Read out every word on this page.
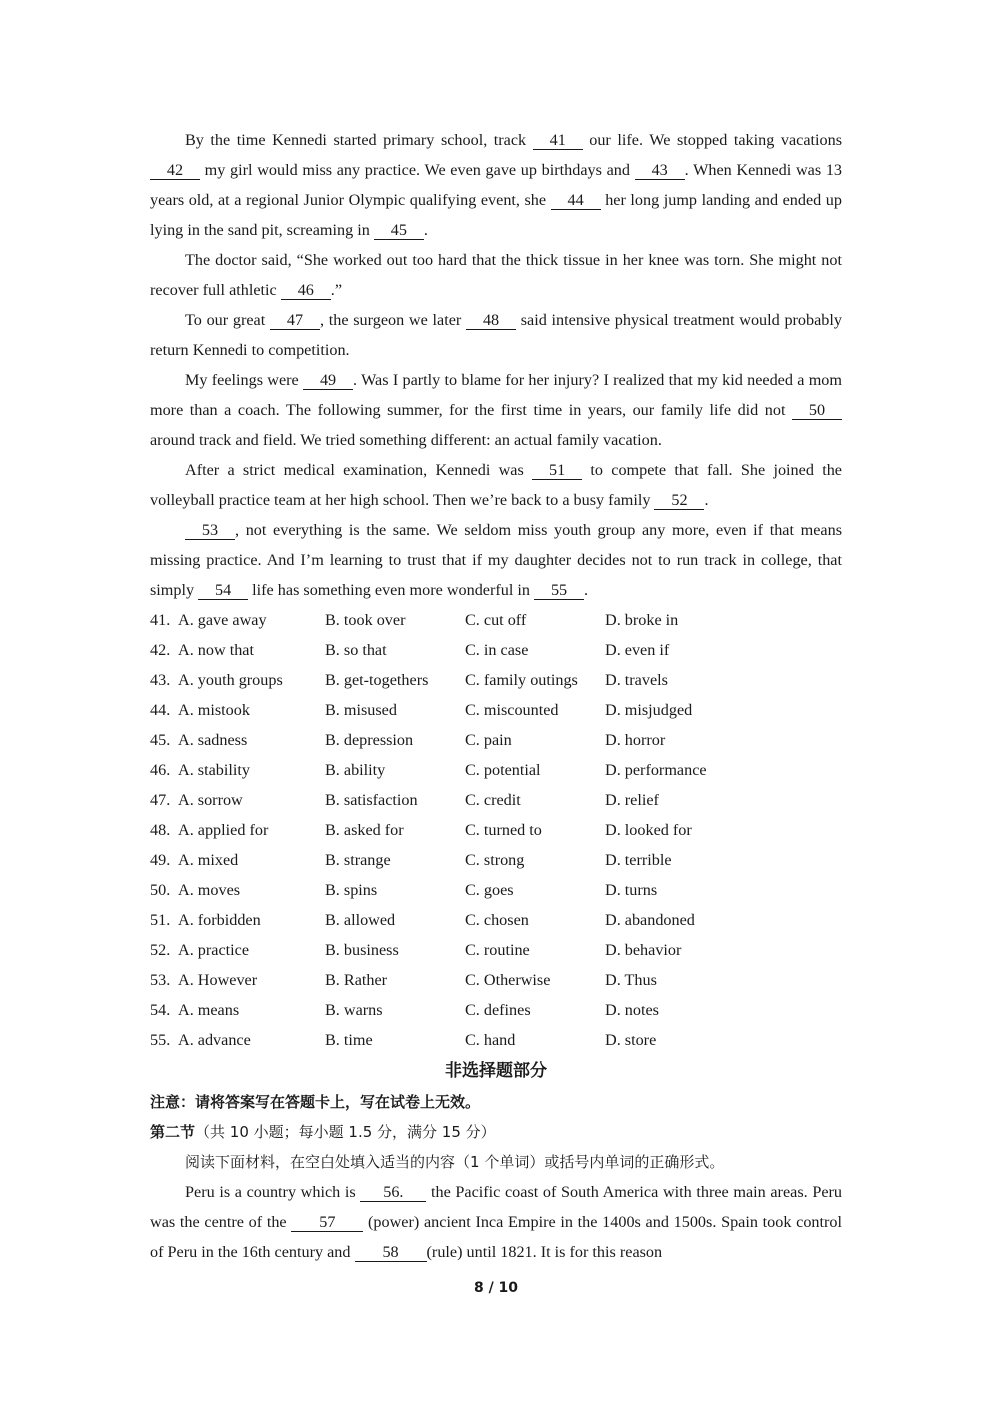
By the time Kennedi started primary school, track 41 our life. We stopped taking vacations 42 my girl would miss any practice. We even gave up birthdays and 43 . When Kennedi was 13 years old, at a regional Junior Olympic qualifying event, she 44 her long jump landing and ended up lying in the sand pit, screaming in 45 .

The doctor said, “She worked out too hard that the thick tissue in her knee was torn. She might not recover full athletic 46 .”

To our great 47 , the surgeon we later 48 said intensive physical treatment would probably return Kennedi to competition.

My feelings were 49 . Was I partly to blame for her injury? I realized that my kid needed a mom more than a coach. The following summer, for the first time in years, our family life did not 50 around track and field. We tried something different: an actual family vacation.

After a strict medical examination, Kennedi was 51 to compete that fall. She joined the volleyball practice team at her high school. Then we’re back to a busy family 52 .

53 , not everything is the same. We seldom miss youth group any more, even if that means missing practice. And I’m learning to trust that if my daughter decides not to run track in college, that simply 54 life has something even more wonderful in 55 .

41. A. gave away	B. took over	C. cut off	D. broke in
42. A. now that	B. so that	C. in case	D. even if
43. A. youth groups	B. get-togethers	C. family outings	D. travels
44. A. mistook	B. misused	C. miscounted	D. misjudged
45. A. sadness	B. depression	C. pain	D. horror
46. A. stability	B. ability	C. potential	D. performance
47. A. sorrow	B. satisfaction	C. credit	D. relief
48. A. applied for	B. asked for	C. turned to	D. looked for
49. A. mixed	B. strange	C. strong	D. terrible
50. A. moves	B. spins	C. goes	D. turns
51. A. forbidden	B. allowed	C. chosen	D. abandoned
52. A. practice	B. business	C. routine	D. behavior
53. A. However	B. Rather	C. Otherwise	D. Thus
54. A. means	B. warns	C. defines	D. notes
55. A. advance	B. time	C. hand	D. store

非选择题部分

注意：请将答案写在答题卡上，写在试卷上无效。

第二节（共 10 小题；每小题 1.5 分，满分 15 分）

阅读下面材料，在空白处填入适当的内容（1 个单词）或括号内单词的正确形式。

Peru is a country which is 56. the Pacific coast of South America with three main areas. Peru was the centre of the 57 (power) ancient Inca Empire in the 1400s and 1500s. Spain took control of Peru in the 16th century and 58 (rule) until 1821. It is for this reason

8 / 10
